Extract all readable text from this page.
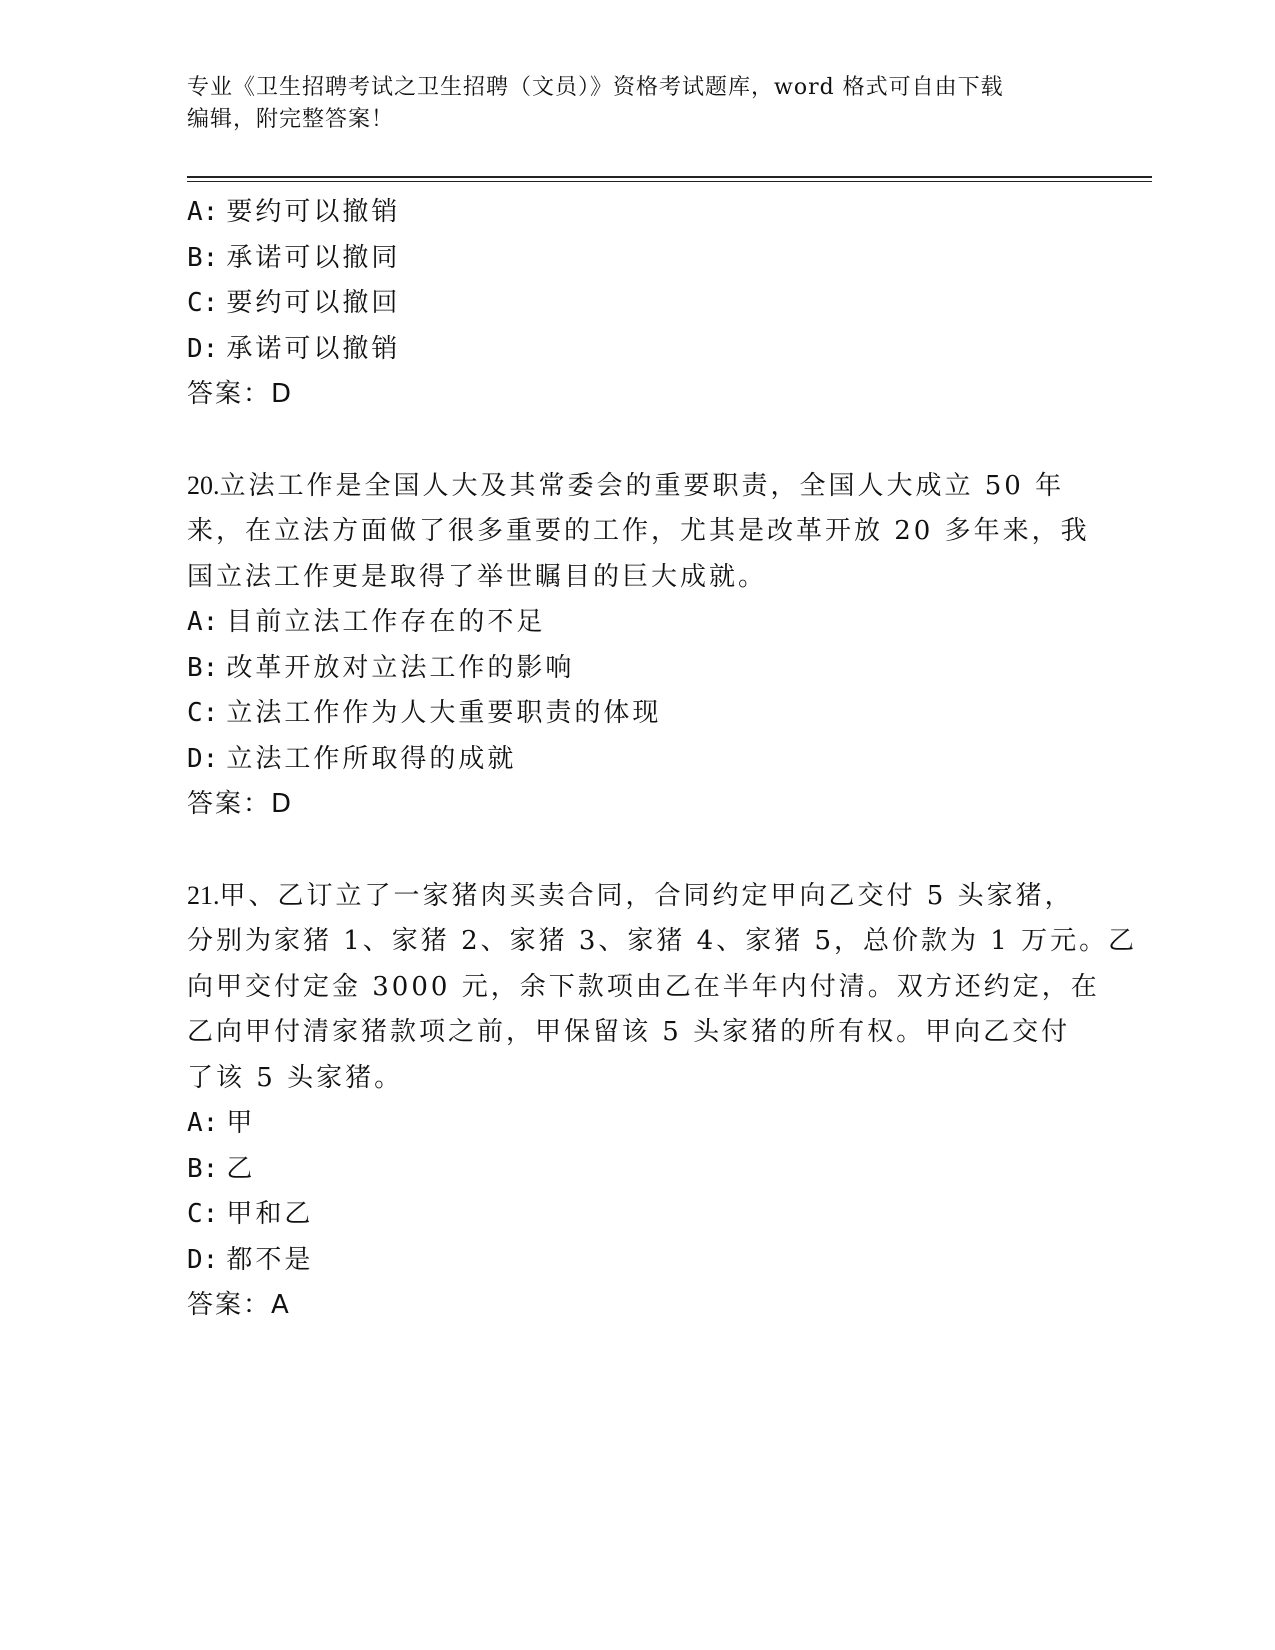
专业《卫生招聘考试之卫生招聘（文员）》资格考试题库，word 格式可自由下载
编辑，附完整答案！
A: 要约可以撤销
B: 承诺可以撤同
C: 要约可以撤回
D: 承诺可以撤销
答案：D
20.立法工作是全国人大及其常委会的重要职责，全国人大成立 50 年
来，在立法方面做了很多重要的工作，尤其是改革开放 20 多年来，我
国立法工作更是取得了举世瞩目的巨大成就。
A: 目前立法工作存在的不足
B: 改革开放对立法工作的影响
C: 立法工作作为人大重要职责的体现
D: 立法工作所取得的成就
答案：D
21.甲、乙订立了一家猪肉买卖合同，合同约定甲向乙交付 5 头家猪，
分别为家猪 1、家猪 2、家猪 3、家猪 4、家猪 5，总价款为 1 万元。乙
向甲交付定金 3000 元，余下款项由乙在半年内付清。双方还约定，在
乙向甲付清家猪款项之前，甲保留该 5 头家猪的所有权。甲向乙交付
了该 5 头家猪。
A: 甲
B: 乙
C: 甲和乙
D: 都不是
答案：A
